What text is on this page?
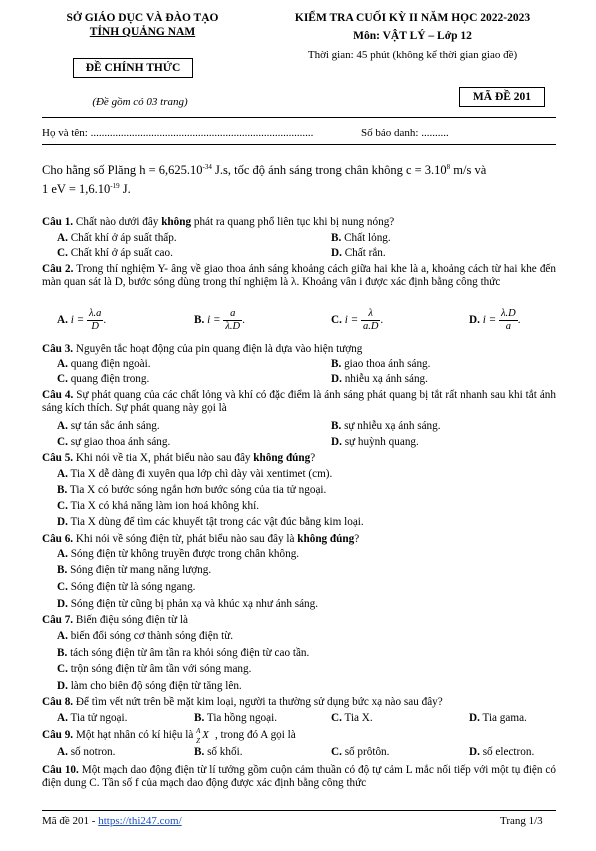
SỞ GIÁO DỤC VÀ ĐÀO TẠO
TỈNH QUẢNG NAM
ĐỀ CHÍNH THỨC
(Đề gồm có 03 trang)
KIỂM TRA CUỐI KỲ II NĂM HỌC 2022-2023
Môn: VẬT LÝ – Lớp 12
Thời gian: 45 phút (không kể thời gian giao đề)
MÃ ĐỀ 201
Họ và tên: .................................................................................	Số báo danh: ..........
Cho hằng số Plăng $h = 6,625.10^{-34}$ J.s, tốc độ ánh sáng trong chân không $c = 3.10^8$ m/s và
1 eV = $1,6.10^{-19}$ J.
Câu 1. Chất nào dưới đây không phát ra quang phổ liên tục khi bị nung nóng?
A. Chất khí ở áp suất thấp.	B. Chất lỏng.
C. Chất khí ở áp suất cao.	D. Chất rắn.
Câu 2. Trong thí nghiệm Y- âng về giao thoa ánh sáng khoảng cách giữa hai khe là a, khoảng cách từ hai khe đến màn quan sát là D, bước sóng dùng trong thí nghiệm là λ. Khoảng vân i được xác định bằng công thức
A. $i = \frac{\lambda.a}{D}$ .	B. $i = \frac{a}{\lambda.D}$ .	C. $i = \frac{\lambda}{a.D}$ .	D. $i = \frac{\lambda.D}{a}$ .
Câu 3. Nguyên tắc hoạt động của pin quang điện là dựa vào hiện tượng
A. quang điện ngoài.	B. giao thoa ánh sáng.
C. quang điện trong.	D. nhiễu xạ ánh sáng.
Câu 4. Sự phát quang của các chất lỏng và khí có đặc điểm là ánh sáng phát quang bị tắt rất nhanh sau khi tắt ánh sáng kích thích. Sự phát quang này gọi là
A. sự tán sắc ánh sáng.	B. sự nhiễu xạ ánh sáng.
C. sự giao thoa ánh sáng.	D. sự huỳnh quang.
Câu 5. Khi nói về tia X, phát biểu nào sau đây không đúng?
A. Tia X dễ dàng đi xuyên qua lớp chì dày vài xentimet (cm).
B. Tia X có bước sóng ngắn hơn bước sóng của tia tử ngoại.
C. Tia X có khả năng làm ion hoá không khí.
D. Tia X dùng để tìm các khuyết tật trong các vật đúc bằng kim loại.
Câu 6. Khi nói về sóng điện từ, phát biểu nào sau đây là không đúng?
A. Sóng điện từ không truyền được trong chân không.
B. Sóng điện từ mang năng lượng.
C. Sóng điện từ là sóng ngang.
D. Sóng điện từ cũng bị phản xạ và khúc xạ như ánh sáng.
Câu 7. Biến điệu sóng điện từ là
A. biến đổi sóng cơ thành sóng điện từ.
B. tách sóng điện từ âm tần ra khỏi sóng điện từ cao tần.
C. trộn sóng điện từ âm tần với sóng mang.
D. làm cho biên độ sóng điện từ tăng lên.
Câu 8. Để tìm vết nứt trên bề mặt kim loại, người ta thường sử dụng bức xạ nào sau đây?
A. Tia tử ngoại.	B. Tia hồng ngoại.	C. Tia X.	D. Tia gama.
Câu 9. Một hạt nhân có kí hiệu là A
Z X , trong đó A gọi là
A. số notron.	B. số khối.	C. số prôtôn.	D. số electron.
Câu 10. Một mạch dao động điện từ lí tưởng gồm cuộn cảm thuần có độ tự cảm L mắc nối tiếp với một tụ điện có điện dung C. Tần số f của mạch dao động được xác định bằng công thức
Mã đề 201 - https://thi247.com/	Trang 1/3
